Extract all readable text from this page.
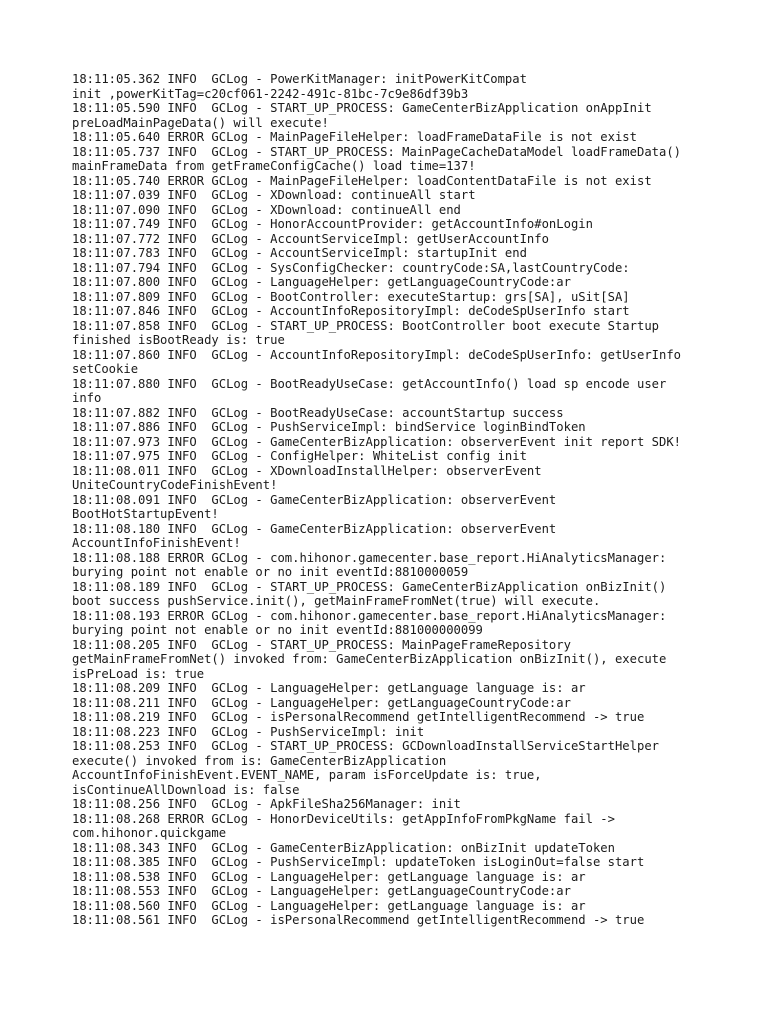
18:11:05.362 INFO  GCLog - PowerKitManager: initPowerKitCompat
init ,powerKitTag=c20cf061-2242-491c-81bc-7c9e86df39b3

18:11:05.590 INFO  GCLog - START_UP_PROCESS: GameCenterBizApplication onAppInit
preLoadMainPageData() will execute!

18:11:05.640 ERROR GCLog - MainPageFileHelper: loadFrameDataFile is not exist

18:11:05.737 INFO  GCLog - START_UP_PROCESS: MainPageCacheDataModel loadFrameData()
mainFrameData from getFrameConfigCache() load time=137!

18:11:05.740 ERROR GCLog - MainPageFileHelper: loadContentDataFile is not exist

18:11:07.039 INFO  GCLog - XDownload: continueAll start

18:11:07.090 INFO  GCLog - XDownload: continueAll end

18:11:07.749 INFO  GCLog - HonorAccountProvider: getAccountInfo#onLogin

18:11:07.772 INFO  GCLog - AccountServiceImpl: getUserAccountInfo

18:11:07.783 INFO  GCLog - AccountServiceImpl: startupInit end

18:11:07.794 INFO  GCLog - SysConfigChecker: countryCode:SA,lastCountryCode:

18:11:07.800 INFO  GCLog - LanguageHelper: getLanguageCountryCode:ar

18:11:07.809 INFO  GCLog - BootController: executeStartup: grs[SA], uSit[SA]

18:11:07.846 INFO  GCLog - AccountInfoRepositoryImpl: deCodeSpUserInfo start

18:11:07.858 INFO  GCLog - START_UP_PROCESS: BootController boot execute Startup
finished isBootReady is: true

18:11:07.860 INFO  GCLog - AccountInfoRepositoryImpl: deCodeSpUserInfo: getUserInfo
setCookie

18:11:07.880 INFO  GCLog - BootReadyUseCase: getAccountInfo() load sp encode user
info

18:11:07.882 INFO  GCLog - BootReadyUseCase: accountStartup success

18:11:07.886 INFO  GCLog - PushServiceImpl: bindService loginBindToken

18:11:07.973 INFO  GCLog - GameCenterBizApplication: observerEvent init report SDK!

18:11:07.975 INFO  GCLog - ConfigHelper: WhiteList config init

18:11:08.011 INFO  GCLog - XDownloadInstallHelper: observerEvent
UniteCountryCodeFinishEvent!

18:11:08.091 INFO  GCLog - GameCenterBizApplication: observerEvent
BootHotStartupEvent!

18:11:08.180 INFO  GCLog - GameCenterBizApplication: observerEvent
AccountInfoFinishEvent!

18:11:08.188 ERROR GCLog - com.hihonor.gamecenter.base_report.HiAnalyticsManager:
burying point not enable or no init eventId:8810000059

18:11:08.189 INFO  GCLog - START_UP_PROCESS: GameCenterBizApplication onBizInit()
boot success pushService.init(), getMainFrameFromNet(true) will execute.

18:11:08.193 ERROR GCLog - com.hihonor.gamecenter.base_report.HiAnalyticsManager:
burying point not enable or no init eventId:881000000099

18:11:08.205 INFO  GCLog - START_UP_PROCESS: MainPageFrameRepository
getMainFrameFromNet() invoked from: GameCenterBizApplication onBizInit(), execute
isPreLoad is: true

18:11:08.209 INFO  GCLog - LanguageHelper: getLanguage language is: ar

18:11:08.211 INFO  GCLog - LanguageHelper: getLanguageCountryCode:ar

18:11:08.219 INFO  GCLog - isPersonalRecommend getIntelligentRecommend -> true

18:11:08.223 INFO  GCLog - PushServiceImpl: init

18:11:08.253 INFO  GCLog - START_UP_PROCESS: GCDownloadInstallServiceStartHelper
execute() invoked from is: GameCenterBizApplication
AccountInfoFinishEvent.EVENT_NAME, param isForceUpdate is: true,
isContinueAllDownload is: false

18:11:08.256 INFO  GCLog - ApkFileSha256Manager: init

18:11:08.268 ERROR GCLog - HonorDeviceUtils: getAppInfoFromPkgName fail ->
com.hihonor.quickgame

18:11:08.343 INFO  GCLog - GameCenterBizApplication: onBizInit updateToken

18:11:08.385 INFO  GCLog - PushServiceImpl: updateToken isLoginOut=false start

18:11:08.538 INFO  GCLog - LanguageHelper: getLanguage language is: ar

18:11:08.553 INFO  GCLog - LanguageHelper: getLanguageCountryCode:ar

18:11:08.560 INFO  GCLog - LanguageHelper: getLanguage language is: ar

18:11:08.561 INFO  GCLog - isPersonalRecommend getIntelligentRecommend -> true
